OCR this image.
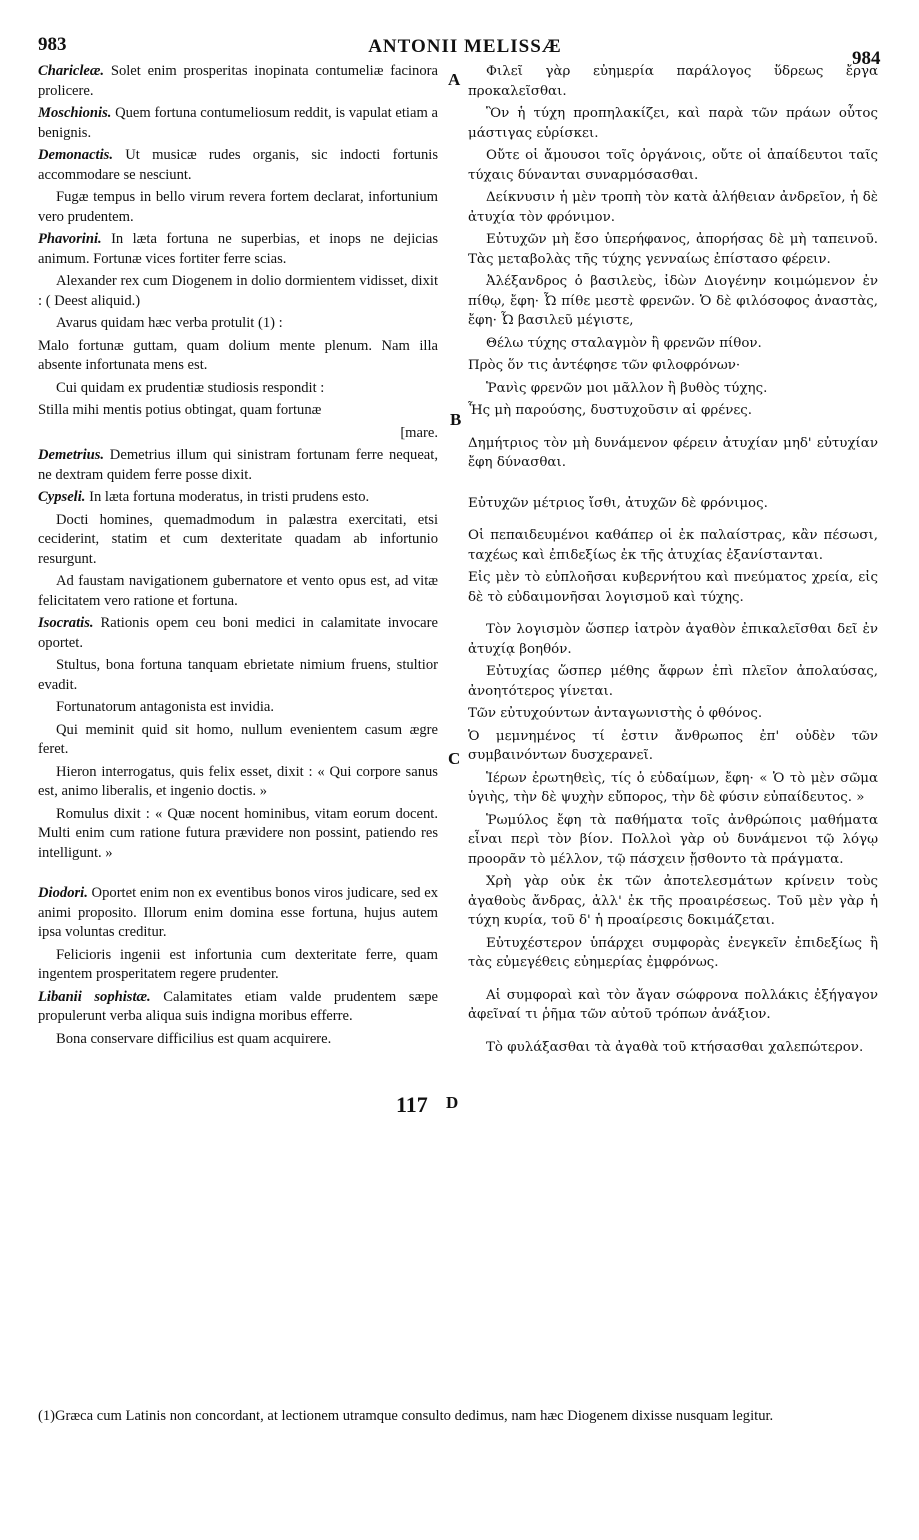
983	ANTONII MELISSÆ
984
A
B
C
D
117

Charicleæ. Solet enim prosperitas inopinata contumeliæ facinora prolicere.

Moschionis. Quem fortuna contumeliosum reddit, is vapulat etiam a benignis.

Demonactis. Ut musicæ rudes organis, sic indocti fortunis accommodare se nesciunt.

Fugæ tempus in bello virum revera fortem declarat, infortunium vero prudentem.

Phavorini. In læta fortuna ne superbias, et inops ne dejicias animum. Fortunæ vices fortiter ferre scias.

Alexander rex cum Diogenem in dolio dormientem vidisset, dixit : ( Deest aliquid.)

Avarus quidam hæc verba protulit (1) :

Malo fortunæ guttam, quam dolium mente plenum. Nam illa absente infortunata mens est.

Cui quidam ex prudentiæ studiosis respondit :

Stilla mihi mentis potius obtingat, quam fortunæ

[mare.

Demetrius. Demetrius illum qui sinistram fortunam ferre nequeat, ne dextram quidem ferre posse dixit.

Cypseli. In læta fortuna moderatus, in tristi prudens esto.

Docti homines, quemadmodum in palæstra exercitati, etsi ceciderint, statim et cum dexteritate quadam ab infortunio resurgunt.

Ad faustam navigationem gubernatore et vento opus est, ad vitæ felicitatem vero ratione et fortuna.

Isocratis. Rationis opem ceu boni medici in calamitate invocare oportet.

Stultus, bona fortuna tanquam ebrietate nimium fruens, stultior evadit.

Fortunatorum antagonista est invidia.

Qui meminit quid sit homo, nullum evenientem casum ægre feret.

Hieron interrogatus, quis felix esset, dixit : « Qui corpore sanus est, animo liberalis, et ingenio doctis. »

Romulus dixit : « Quæ nocent hominibus, vitam eorum docent. Multi enim cum ratione futura prævidere non possint, patiendo res intelligunt. »

Diodori. Oportet enim non ex eventibus bonos viros judicare, sed ex animi proposito. Illorum enim domina esse fortuna, hujus autem ipsa voluntas creditur.

Felicioris ingenii est infortunia cum dexteritate ferre, quam ingentem prosperitatem regere prudenter.

Libanii sophistæ. Calamitates etiam valde prudentem sæpe propulerunt verba aliqua suis indigna moribus efferre.

Bona conservare difficilius est quam acquirere.

Φιλεῖ γὰρ εὐημερία παράλογος ὕδρεως ἔργα προκαλεῖσθαι.

Ὃν ἡ τύχη προπηλακίζει, καὶ παρὰ τῶν πράων οὗτος μάστιγας εὑρίσκει.

Οὔτε οἱ ἄμουσοι τοῖς ὀργάνοις, οὔτε οἱ ἀπαίδευτοι ταῖς τύχαις δύνανται συναρμόσασθαι.

Δείκνυσιν ἡ μὲν τροπὴ τὸν κατὰ ἀλήθειαν ἀνδρεῖον, ἡ δὲ ἀτυχία τὸν φρόνιμον.

Εὐτυχῶν μὴ ἔσο ὑπερήφανος, ἀπορήσας δὲ μὴ ταπεινοῦ. Τὰς μεταβολὰς τῆς τύχης γενναίως ἐπίστασο φέρειν.

Ἀλέξανδρος ὁ βασιλεὺς, ἰδὼν Διογένην κοιμώμενον ἐν πίθῳ, ἔφη· Ὦ πίθε μεστὲ φρενῶν. Ὁ δὲ φιλόσοφος ἀναστὰς, ἔφη· Ὦ βασιλεῦ μέγιστε,

Θέλω τύχης σταλαγμὸν ἢ φρενῶν πίθον.

Πρὸς ὅν τις ἀντέφησε τῶν φιλοφρόνων·

Ῥανὶς φρενῶν μοι μᾶλλον ἢ βυθὸς τύχης.

Ἧς μὴ παρούσης, δυστυχοῦσιν αἱ φρένες.

Δημήτριος τὸν μὴ δυνάμενον φέρειν ἀτυχίαν μηδ' εὐτυχίαν ἔφη δύνασθαι.

Εὐτυχῶν μέτριος ἴσθι, ἀτυχῶν δὲ φρόνιμος.

Οἱ πεπαιδευμένοι καθάπερ οἱ ἐκ παλαίστρας, κἂν πέσωσι, ταχέως καὶ ἐπιδεξίως ἐκ τῆς ἀτυχίας ἐξανίστανται.

Εἰς μὲν τὸ εὐπλοῆσαι κυβερνήτου καὶ πνεύματος χρεία, εἰς δὲ τὸ εὐδαιμονῆσαι λογισμοῦ καὶ τύχης.

Τὸν λογισμὸν ὥσπερ ἰατρὸν ἀγαθὸν ἐπικαλεῖσθαι δεῖ ἐν ἀτυχίᾳ βοηθόν.

Εὐτυχίας ὥσπερ μέθης ἄφρων ἐπὶ πλεῖον ἀπολαύσας, ἀνοητότερος γίνεται.

Τῶν εὐτυχούντων ἀνταγωνιστὴς ὁ φθόνος.

Ὁ μεμνημένος τί ἐστιν ἄνθρωπος ἐπ' οὐδὲν τῶν συμβαινόντων δυσχερανεῖ.

Ἱέρων ἐρωτηθεὶς, τίς ὁ εὐδαίμων, ἔφη· « Ὁ τὸ μὲν σῶμα ὑγιὴς, τὴν δὲ ψυχὴν εὔπορος, τὴν δὲ φύσιν εὐπαίδευτος. »

Ῥωμύλος ἔφη τὰ παθήματα τοῖς ἀνθρώποις μαθήματα εἶναι περὶ τὸν βίον. Πολλοὶ γὰρ οὐ δυνάμενοι τῷ λόγῳ προορᾶν τὸ μέλλον, τῷ πάσχειν ᾔσθοντο τὰ πράγματα.

Χρὴ γὰρ οὐκ ἐκ τῶν ἀποτελεσμάτων κρίνειν τοὺς ἀγαθοὺς ἄνδρας, ἀλλ' ἐκ τῆς προαιρέσεως. Τοῦ μὲν γὰρ ἡ τύχη κυρία, τοῦ δ' ἡ προαίρεσις δοκιμάζεται.

Εὐτυχέστερον ὑπάρχει συμφορὰς ἐνεγκεῖν ἐπιδεξίως ἢ τὰς εὐμεγέθεις εὐημερίας ἐμφρόνως.

Αἱ συμφοραὶ καὶ τὸν ἄγαν σώφρονα πολλάκις ἐξήγαγον ἀφεῖναί τι ῥῆμα τῶν αὐτοῦ τρόπων ἀνάξιον.

Τὸ φυλάξασθαι τὰ ἀγαθὰ τοῦ κτήσασθαι χαλεπώτερον.

(1)Græca cum Latinis non concordant, at lectionem utramque consulto dedimus, nam hæc Diogenem dixisse nusquam legitur.
